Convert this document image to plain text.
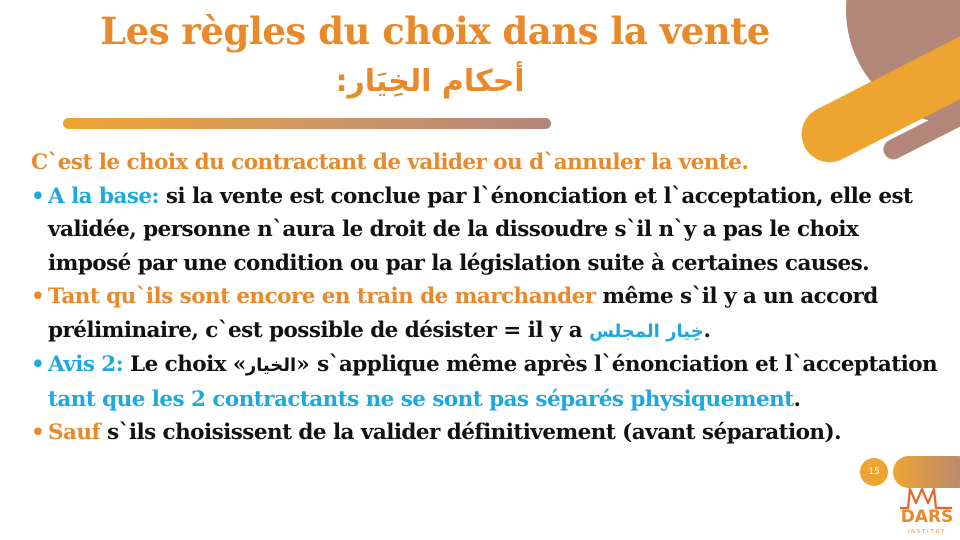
Les règles du choix dans la vente
أحكام الخِيَار:
C`est le choix du contractant de valider ou d`annuler la vente.
• A la base: si la vente est conclue par l`énonciation et l`acceptation, elle est validée, personne n`aura le droit de la dissoudre s`il n`y a pas le choix imposé par une condition ou par la législation suite à certaines causes.
• Tant qu`ils sont encore en train de marchander même s`il y a un accord préliminaire, c`est possible de désister = il y a خِيار المجلس.
• Avis 2: Le choix «الخيار» s`applique même après l`énonciation et l`acceptation tant que les 2 contractants ne se sont pas séparés physiquement.
• Sauf s`ils choisissent de la valider définitivement (avant séparation).
15
DARS
INSTITUT
